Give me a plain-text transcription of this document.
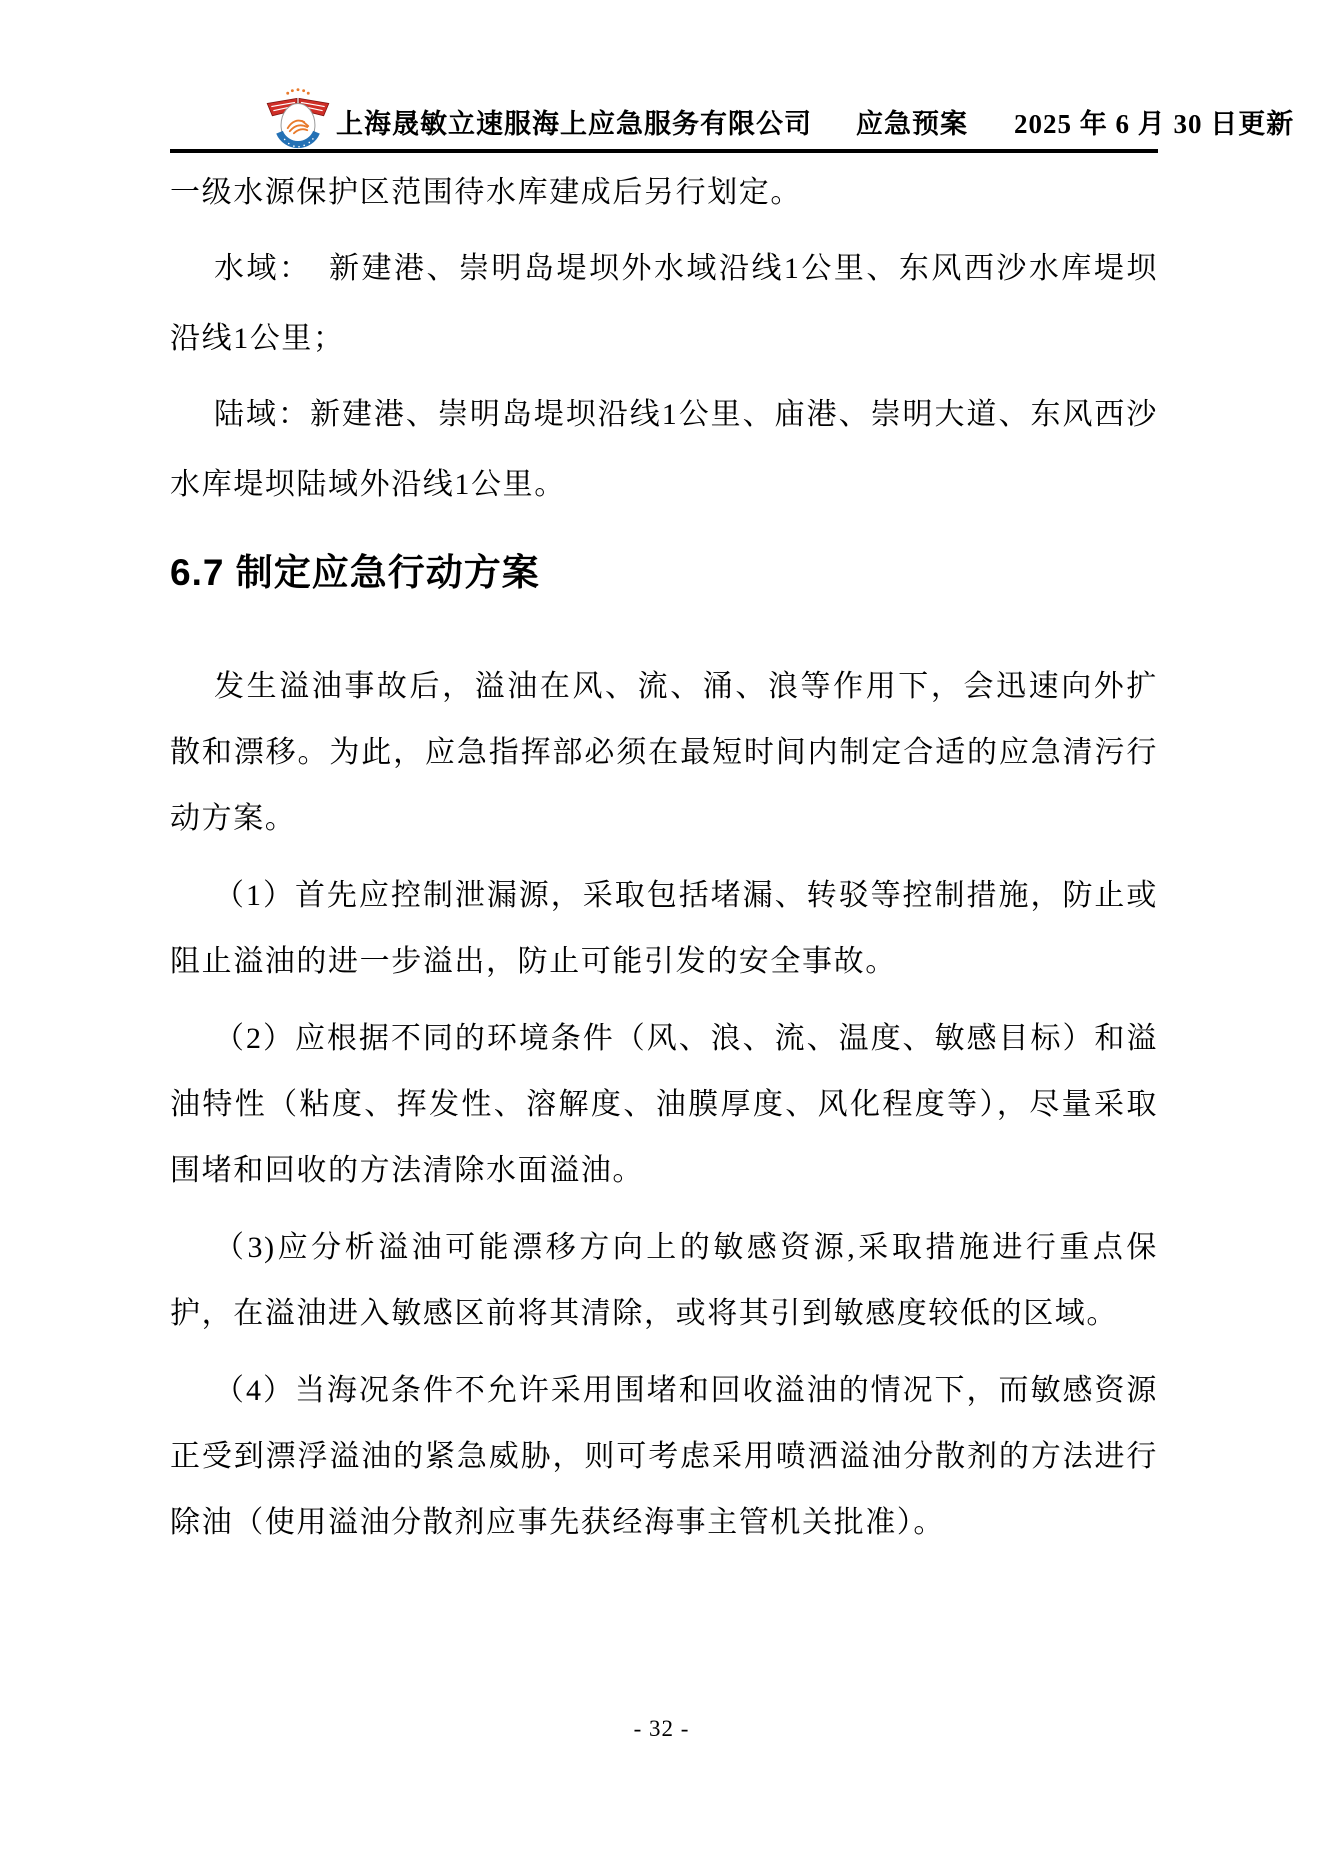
上海晟敏立速服海上应急服务有限公司 应急预案 2025 年 6 月 30 日更新

一级水源保护区范围待水库建成后另行划定。

水域：　新建港、崇明岛堤坝外水域沿线1公里、东风西沙水库堤坝沿线1公里；

陆域：新建港、崇明岛堤坝沿线1公里、庙港、崇明大道、东风西沙水库堤坝陆域外沿线1公里。

6.7 制定应急行动方案

发生溢油事故后，溢油在风、流、涌、浪等作用下，会迅速向外扩散和漂移。为此，应急指挥部必须在最短时间内制定合适的应急清污行动方案。

（1）首先应控制泄漏源，采取包括堵漏、转驳等控制措施，防止或阻止溢油的进一步溢出，防止可能引发的安全事故。

（2）应根据不同的环境条件（风、浪、流、温度、敏感目标）和溢油特性（粘度、挥发性、溶解度、油膜厚度、风化程度等），尽量采取围堵和回收的方法清除水面溢油。

（3)应分析溢油可能漂移方向上的敏感资源,采取措施进行重点保护，在溢油进入敏感区前将其清除，或将其引到敏感度较低的区域。

（4）当海况条件不允许采用围堵和回收溢油的情况下，而敏感资源正受到漂浮溢油的紧急威胁，则可考虑采用喷洒溢油分散剂的方法进行除油（使用溢油分散剂应事先获经海事主管机关批准）。

- 32 -
